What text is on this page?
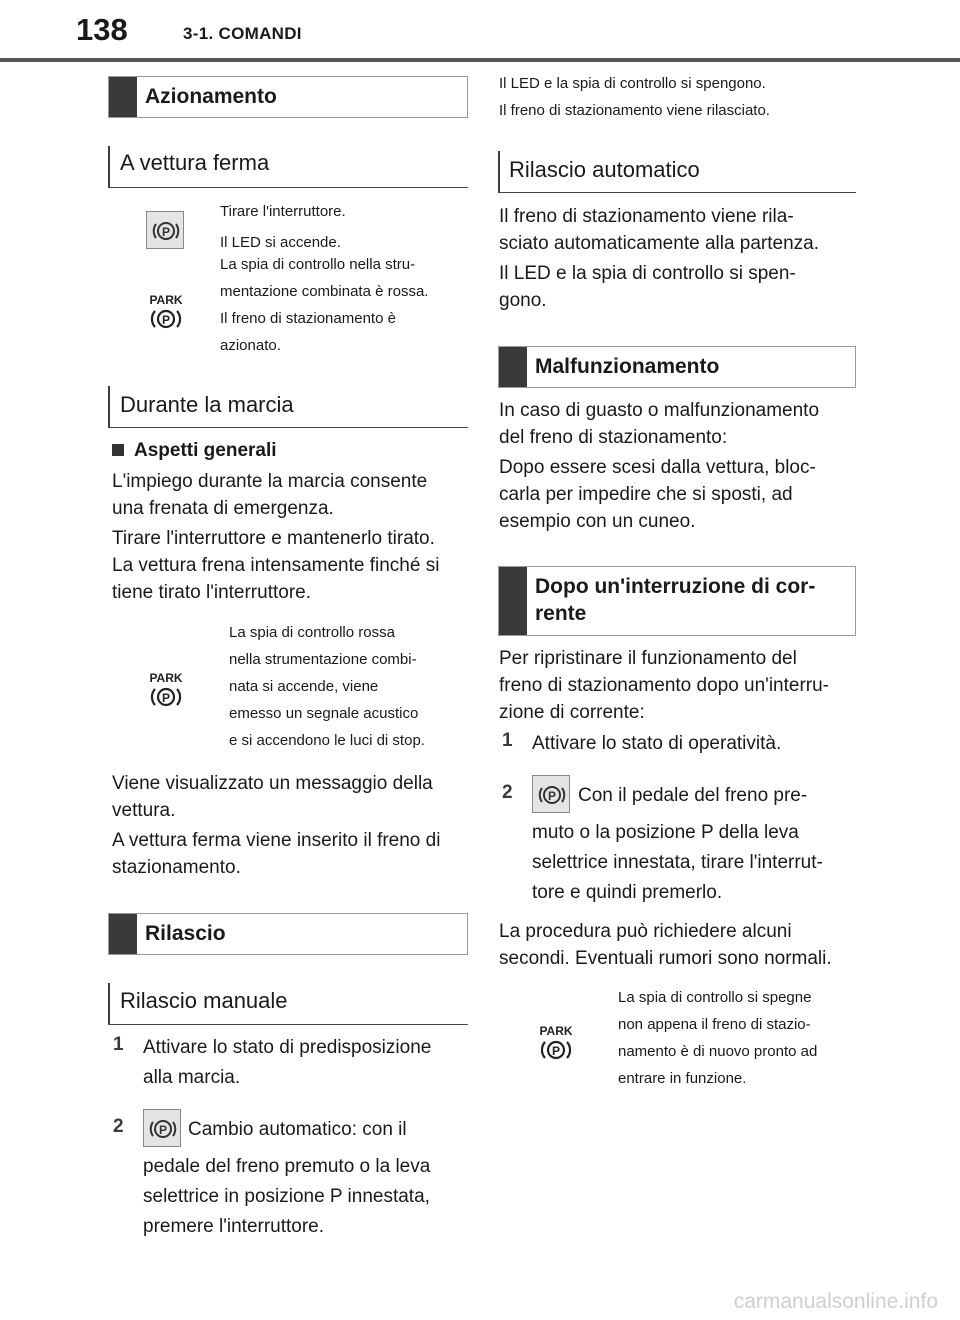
138	3-1. COMANDI
Azionamento
A vettura ferma
P
PARK
P
Tirare l'interruttore.
Il LED si accende.
La spia di controllo nella stru-
mentazione combinata è rossa.
Il freno di stazionamento è
azionato.
Durante la marcia
Aspetti generali
L'impiego durante la marcia consente
una frenata di emergenza.
Tirare l'interruttore e mantenerlo tirato.
La vettura frena intensamente finché si
tiene tirato l'interruttore.
PARK
P
La spia di controllo rossa
nella strumentazione combi-
nata si accende, viene
emesso un segnale acustico
e si accendono le luci di stop.
Viene visualizzato un messaggio della
vettura.
A vettura ferma viene inserito il freno di
stazionamento.
Rilascio
Rilascio manuale
1 Attivare lo stato di predisposizione
alla marcia.
2	P Cambio automatico: con il
pedale del freno premuto o la leva
selettrice in posizione P innestata,
premere l'interruttore.
Il LED e la spia di controllo si spengono.
Il freno di stazionamento viene rilasciato.
Rilascio automatico
Il freno di stazionamento viene rila-
sciato automaticamente alla partenza.
Il LED e la spia di controllo si spen-
gono.
Malfunzionamento
In caso di guasto o malfunzionamento
del freno di stazionamento:
Dopo essere scesi dalla vettura, bloc-
carla per impedire che si sposti, ad
esempio con un cuneo.
Dopo un'interruzione di cor-
rente
Per ripristinare il funzionamento del
freno di stazionamento dopo un'interru-
zione di corrente:
1 Attivare lo stato di operatività.
2	P Con il pedale del freno pre-
muto o la posizione P della leva
selettrice innestata, tirare l'interrut-
tore e quindi premerlo.
La procedura può richiedere alcuni
secondi. Eventuali rumori sono normali.
PARK
P
La spia di controllo si spegne
non appena il freno di stazio-
namento è di nuovo pronto ad
entrare in funzione.
carmanualsonline.info
